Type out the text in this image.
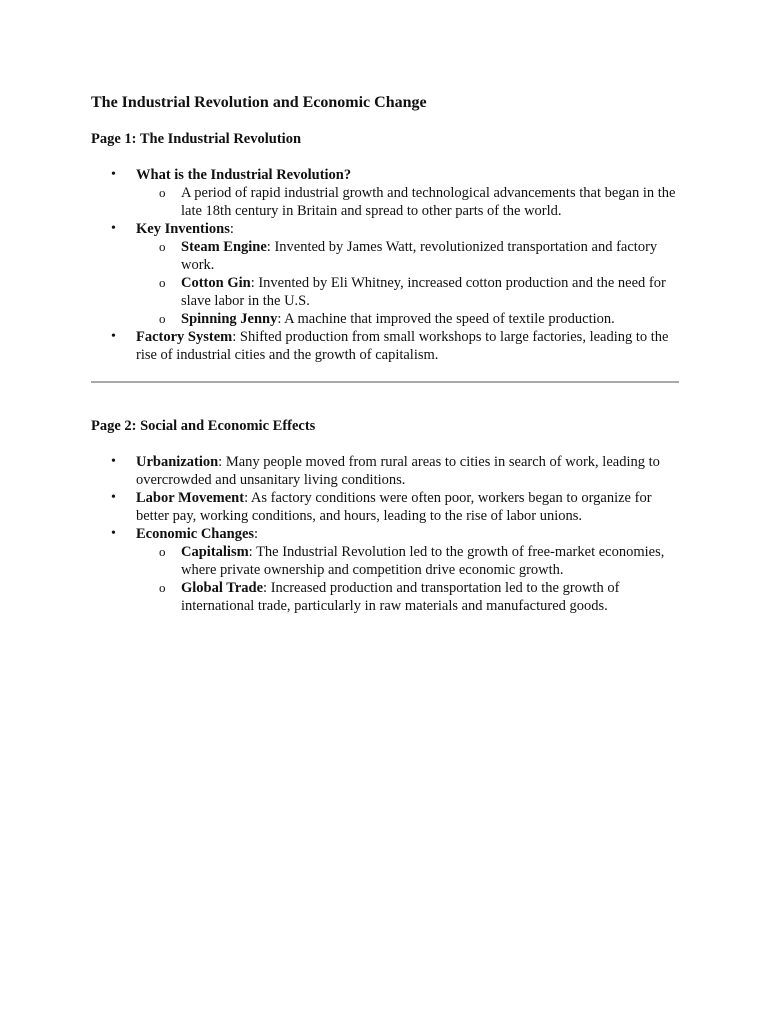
The Industrial Revolution and Economic Change
Page 1: The Industrial Revolution
• What is the Industrial Revolution?
o A period of rapid industrial growth and technological advancements that began in the late 18th century in Britain and spread to other parts of the world.
• Key Inventions:
o Steam Engine: Invented by James Watt, revolutionized transportation and factory work.
o Cotton Gin: Invented by Eli Whitney, increased cotton production and the need for slave labor in the U.S.
o Spinning Jenny: A machine that improved the speed of textile production.
• Factory System: Shifted production from small workshops to large factories, leading to the rise of industrial cities and the growth of capitalism.
Page 2: Social and Economic Effects
• Urbanization: Many people moved from rural areas to cities in search of work, leading to overcrowded and unsanitary living conditions.
• Labor Movement: As factory conditions were often poor, workers began to organize for better pay, working conditions, and hours, leading to the rise of labor unions.
• Economic Changes:
o Capitalism: The Industrial Revolution led to the growth of free-market economies, where private ownership and competition drive economic growth.
o Global Trade: Increased production and transportation led to the growth of international trade, particularly in raw materials and manufactured goods.
